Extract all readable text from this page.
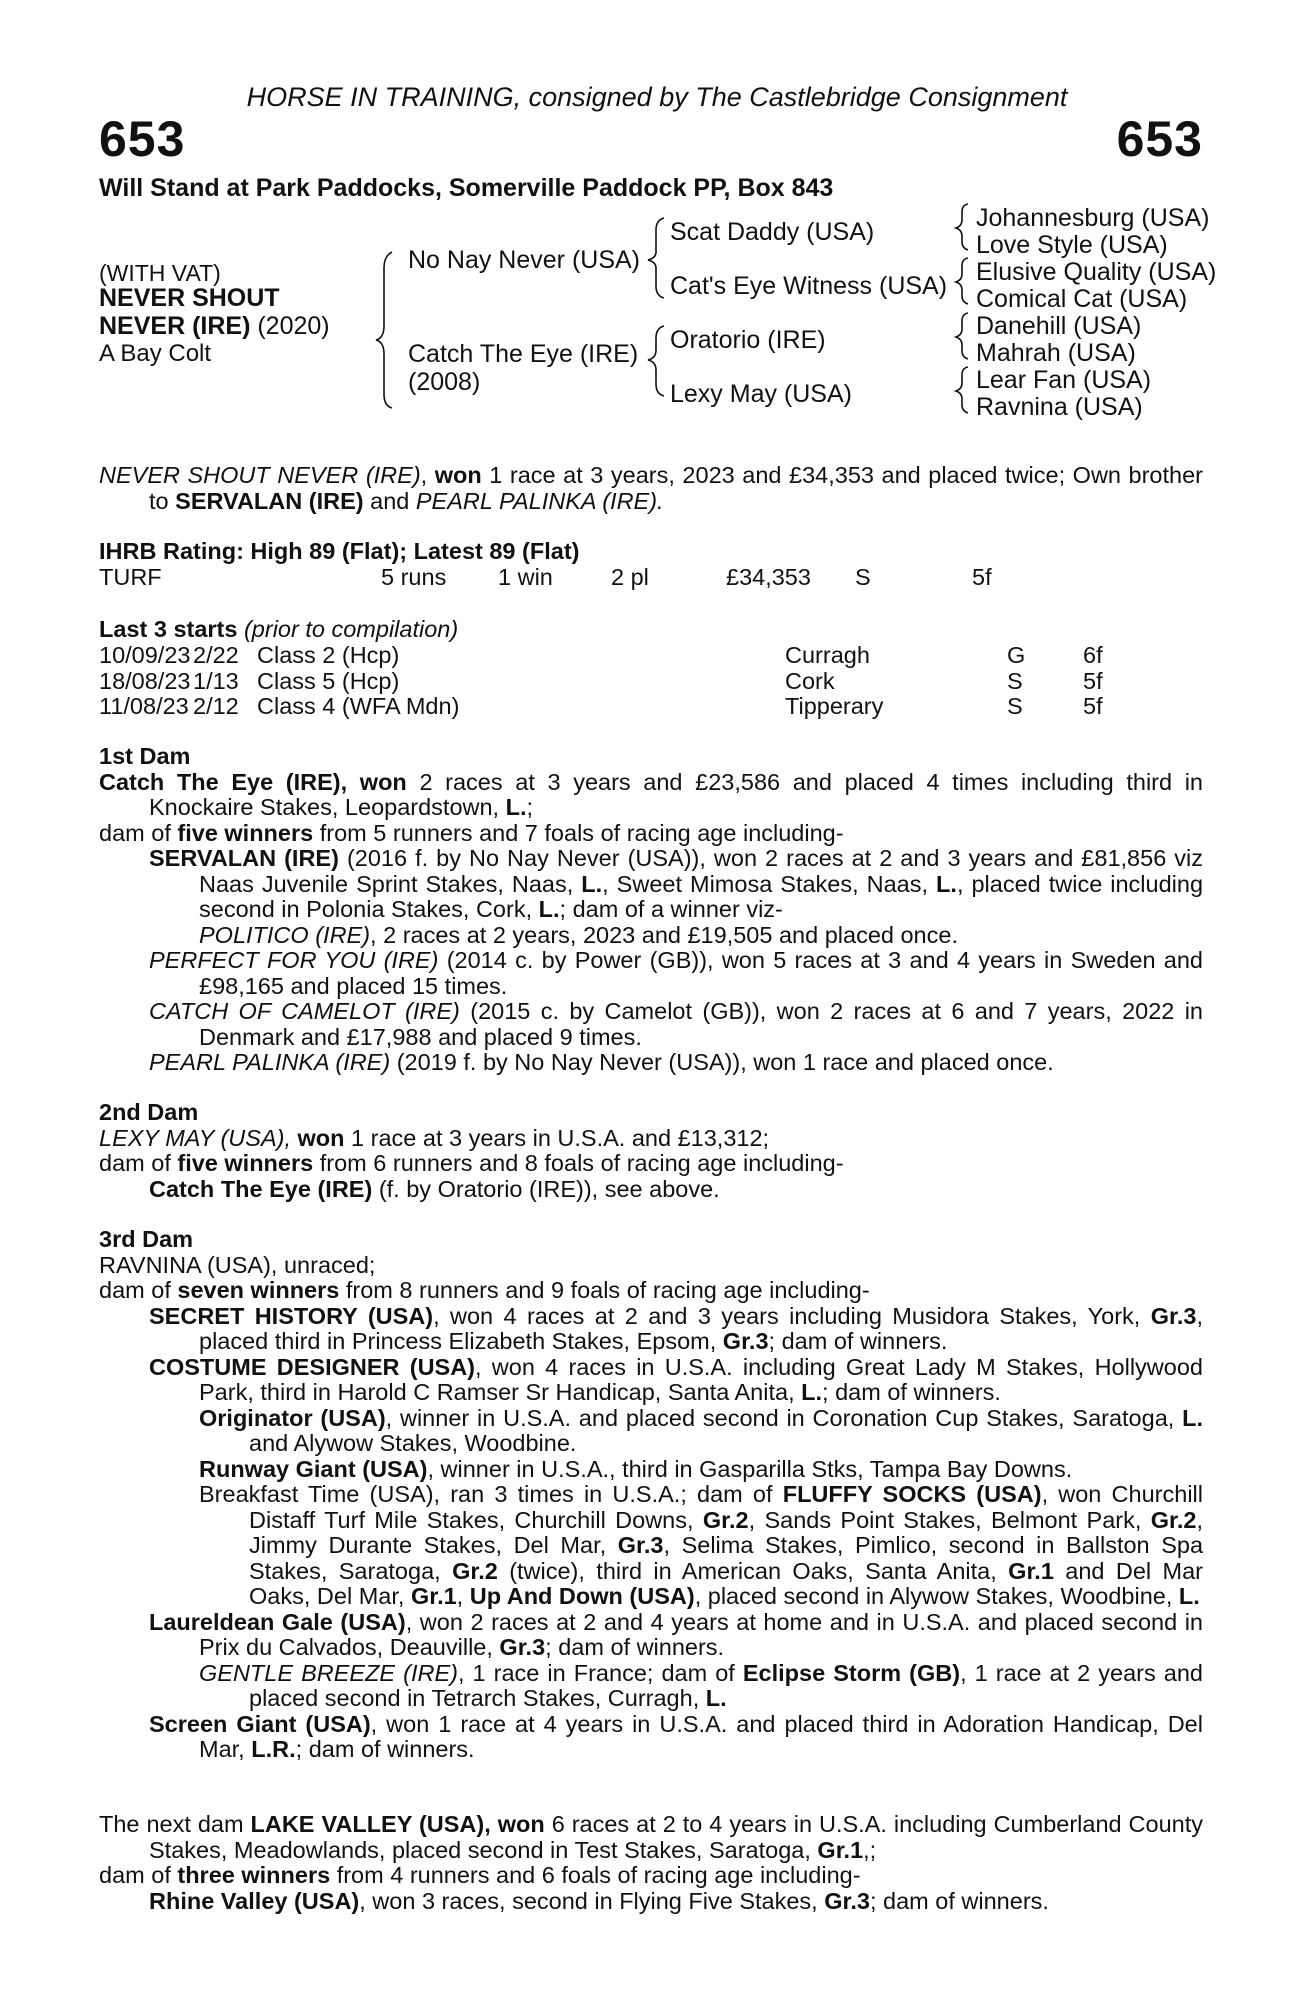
HORSE IN TRAINING, consigned by The Castlebridge Consignment
653	653
Will Stand at Park Paddocks, Somerville Paddock PP, Box 843
(WITH VAT)
NEVER SHOUT
NEVER (IRE) (2020)
A Bay Colt
No Nay Never (USA)
Catch The Eye (IRE)
(2008)
Scat Daddy (USA)
Cat's Eye Witness (USA)
Oratorio (IRE)
Lexy May (USA)
Johannesburg (USA)
Love Style (USA)
Elusive Quality (USA)
Comical Cat (USA)
Danehill (USA)
Mahrah (USA)
Lear Fan (USA)
Ravnina (USA)

NEVER SHOUT NEVER (IRE), won 1 race at 3 years, 2023 and £34,353 and placed twice; Own brother to SERVALAN (IRE) and PEARL PALINKA (IRE).

IHRB Rating: High 89 (Flat); Latest 89 (Flat)
TURF	5 runs 1 win 2 pl	£34,353 S	5f
Last 3 starts (prior to compilation)
10/09/23	2/22	Class 2 (Hcp)	Curragh	G	6f
18/08/23	1/13	Class 5 (Hcp)	Cork	S	5f
11/08/23	2/12	Class 4 (WFA Mdn)	Tipperary	S	5f

1st Dam

Catch The Eye (IRE), won 2 races at 3 years and £23,586 and placed 4 times including third in Knockaire Stakes, Leopardstown, L.;

dam of five winners from 5 runners and 7 foals of racing age including-

SERVALAN (IRE) (2016 f. by No Nay Never (USA)), won 2 races at 2 and 3 years and £81,856 viz Naas Juvenile Sprint Stakes, Naas, L., Sweet Mimosa Stakes, Naas, L., placed twice including second in Polonia Stakes, Cork, L.; dam of a winner viz-

POLITICO (IRE), 2 races at 2 years, 2023 and £19,505 and placed once.

PERFECT FOR YOU (IRE) (2014 c. by Power (GB)), won 5 races at 3 and 4 years in Sweden and £98,165 and placed 15 times.

CATCH OF CAMELOT (IRE) (2015 c. by Camelot (GB)), won 2 races at 6 and 7 years, 2022 in Denmark and £17,988 and placed 9 times.

PEARL PALINKA (IRE) (2019 f. by No Nay Never (USA)), won 1 race and placed once.

2nd Dam

LEXY MAY (USA), won 1 race at 3 years in U.S.A. and £13,312;

dam of five winners from 6 runners and 8 foals of racing age including-

Catch The Eye (IRE) (f. by Oratorio (IRE)), see above.

3rd Dam

RAVNINA (USA), unraced;

dam of seven winners from 8 runners and 9 foals of racing age including-

SECRET HISTORY (USA), won 4 races at 2 and 3 years including Musidora Stakes, York, Gr.3, placed third in Princess Elizabeth Stakes, Epsom, Gr.3; dam of winners.

COSTUME DESIGNER (USA), won 4 races in U.S.A. including Great Lady M Stakes, Hollywood Park, third in Harold C Ramser Sr Handicap, Santa Anita, L.; dam of winners.

Originator (USA), winner in U.S.A. and placed second in Coronation Cup Stakes, Saratoga, L. and Alywow Stakes, Woodbine.

Runway Giant (USA), winner in U.S.A., third in Gasparilla Stks, Tampa Bay Downs.

Breakfast Time (USA), ran 3 times in U.S.A.; dam of FLUFFY SOCKS (USA), won Churchill Distaff Turf Mile Stakes, Churchill Downs, Gr.2, Sands Point Stakes, Belmont Park, Gr.2, Jimmy Durante Stakes, Del Mar, Gr.3, Selima Stakes, Pimlico, second in Ballston Spa Stakes, Saratoga, Gr.2 (twice), third in American Oaks, Santa Anita, Gr.1 and Del Mar Oaks, Del Mar, Gr.1, Up And Down (USA), placed second in Alywow Stakes, Woodbine, L.

Laureldean Gale (USA), won 2 races at 2 and 4 years at home and in U.S.A. and placed second in Prix du Calvados, Deauville, Gr.3; dam of winners.

GENTLE BREEZE (IRE), 1 race in France; dam of Eclipse Storm (GB), 1 race at 2 years and placed second in Tetrarch Stakes, Curragh, L.

Screen Giant (USA), won 1 race at 4 years in U.S.A. and placed third in Adoration Handicap, Del Mar, L.R.; dam of winners.

The next dam LAKE VALLEY (USA), won 6 races at 2 to 4 years in U.S.A. including Cumberland County Stakes, Meadowlands, placed second in Test Stakes, Saratoga, Gr.1,;

dam of three winners from 4 runners and 6 foals of racing age including-

Rhine Valley (USA), won 3 races, second in Flying Five Stakes, Gr.3; dam of winners.
